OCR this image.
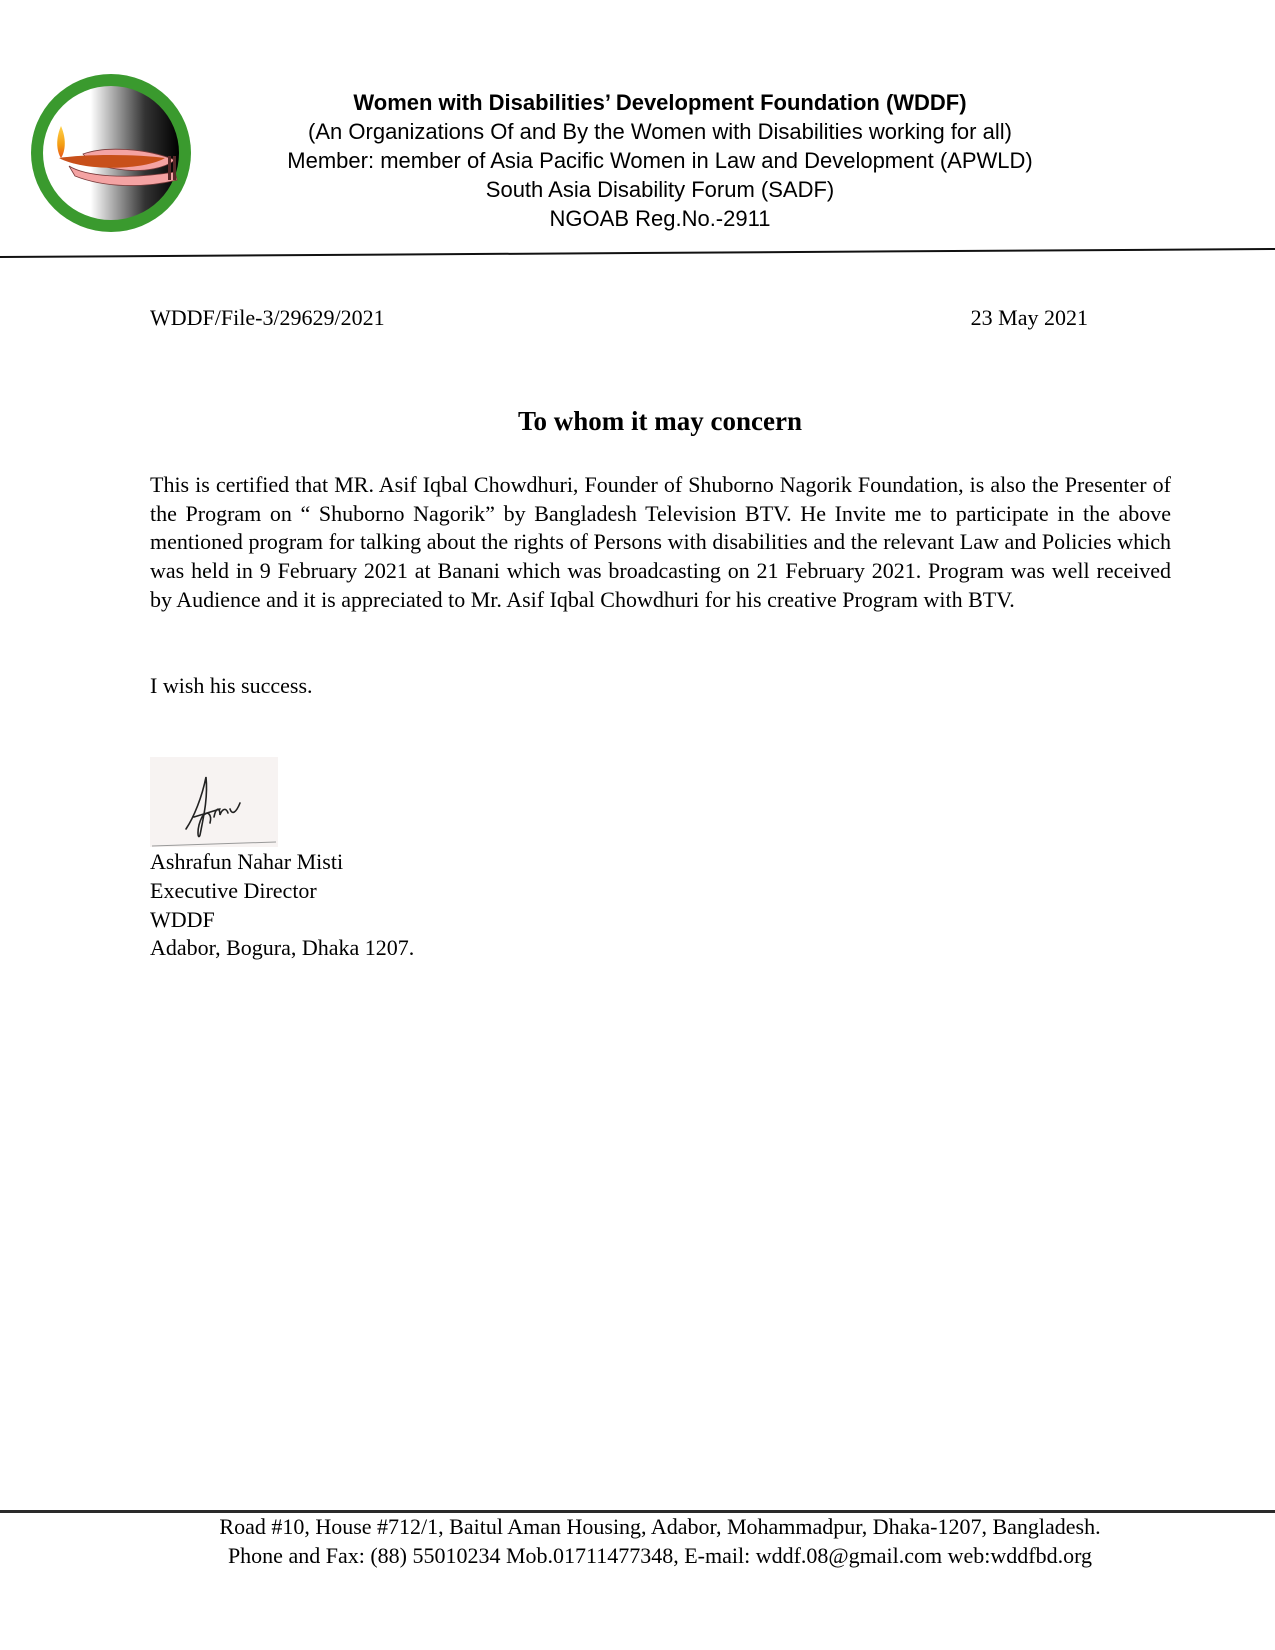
Women with Disabilities’ Development Foundation (WDDF)
(An Organizations Of and By the Women with Disabilities working for all)
Member: member of Asia Pacific Women in Law and Development (APWLD)
South Asia Disability Forum (SADF)
NGOAB Reg.No.-2911
WDDF/File-3/29629/2021	23 May 2021
To whom it may concern
This is certified that MR. Asif Iqbal Chowdhuri, Founder of Shuborno Nagorik Foundation, is also the Presenter of the Program on “ Shuborno Nagorik” by Bangladesh Television BTV. He Invite me to participate in the above mentioned program for talking about the rights of Persons with disabilities and the relevant Law and Policies which was held in 9 February 2021 at Banani which was broadcasting on 21 February 2021. Program was well received by Audience and it is appreciated to Mr. Asif Iqbal Chowdhuri for his creative Program with BTV.
I wish his success.
Ashrafun Nahar Misti
Executive Director
WDDF
Adabor, Bogura, Dhaka 1207.
Road #10, House #712/1, Baitul Aman Housing, Adabor, Mohammadpur, Dhaka-1207, Bangladesh.
Phone and Fax: (88) 55010234 Mob.01711477348, E-mail: wddf.08@gmail.com web:wddfbd.org
